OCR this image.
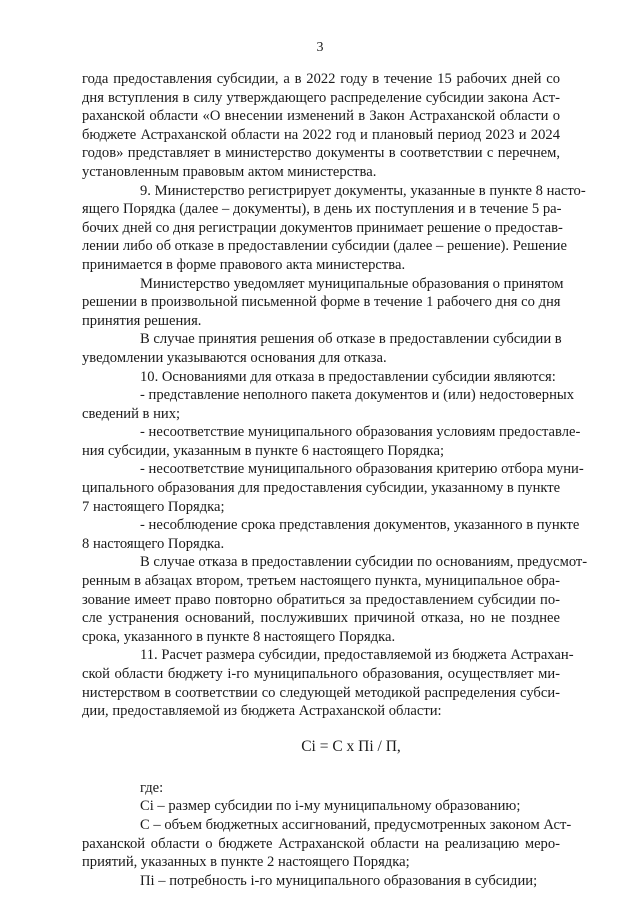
3
года предоставления субсидии, а в 2022 году в течение 15 рабочих дней со
дня вступления в силу утверждающего распределение субсидии закона Аст-
раханской области «О внесении изменений в Закон Астраханской области о
бюджете Астраханской области на 2022 год и плановый период 2023 и 2024
годов» представляет в министерство документы в соответствии с перечнем,
установленным правовым актом министерства.
9. Министерство регистрирует документы, указанные в пункте 8 насто-
ящего Порядка (далее – документы), в день их поступления и в течение 5 ра-
бочих дней со дня регистрации документов принимает решение о предостав-
лении либо об отказе в предоставлении субсидии (далее – решение). Решение
принимается в форме правового акта министерства.
Министерство уведомляет муниципальные образования о принятом
решении в произвольной письменной форме в течение 1 рабочего дня со дня
принятия решения.
В случае принятия решения об отказе в предоставлении субсидии в
уведомлении указываются основания для отказа.
10. Основаниями для отказа в предоставлении субсидии являются:
- представление неполного пакета документов и (или) недостоверных
сведений в них;
- несоответствие муниципального образования условиям предоставле-
ния субсидии, указанным в пункте 6 настоящего Порядка;
- несоответствие муниципального образования критерию отбора муни-
ципального образования для предоставления субсидии, указанному в пункте
7 настоящего Порядка;
- несоблюдение срока представления документов, указанного в пункте
8 настоящего Порядка.
В случае отказа в предоставлении субсидии по основаниям, предусмот-
ренным в абзацах втором, третьем настоящего пункта, муниципальное обра-
зование имеет право повторно обратиться за предоставлением субсидии по-
сле устранения оснований, послуживших причиной отказа, но не позднее
срока, указанного в пункте 8 настоящего Порядка.
11. Расчет размера субсидии, предоставляемой из бюджета Астрахан-
ской области бюджету i-го муниципального образования, осуществляет ми-
нистерством в соответствии со следующей методикой распределения субси-
дии, предоставляемой из бюджета Астраханской области:
Ci = C x Пi / П,
где:
Ci – размер субсидии по i-му муниципальному образованию;
С – объем бюджетных ассигнований, предусмотренных законом Аст-
раханской области о бюджете Астраханской области на реализацию меро-
приятий, указанных в пункте 2 настоящего Порядка;
Пi – потребность i-го муниципального образования в субсидии;
